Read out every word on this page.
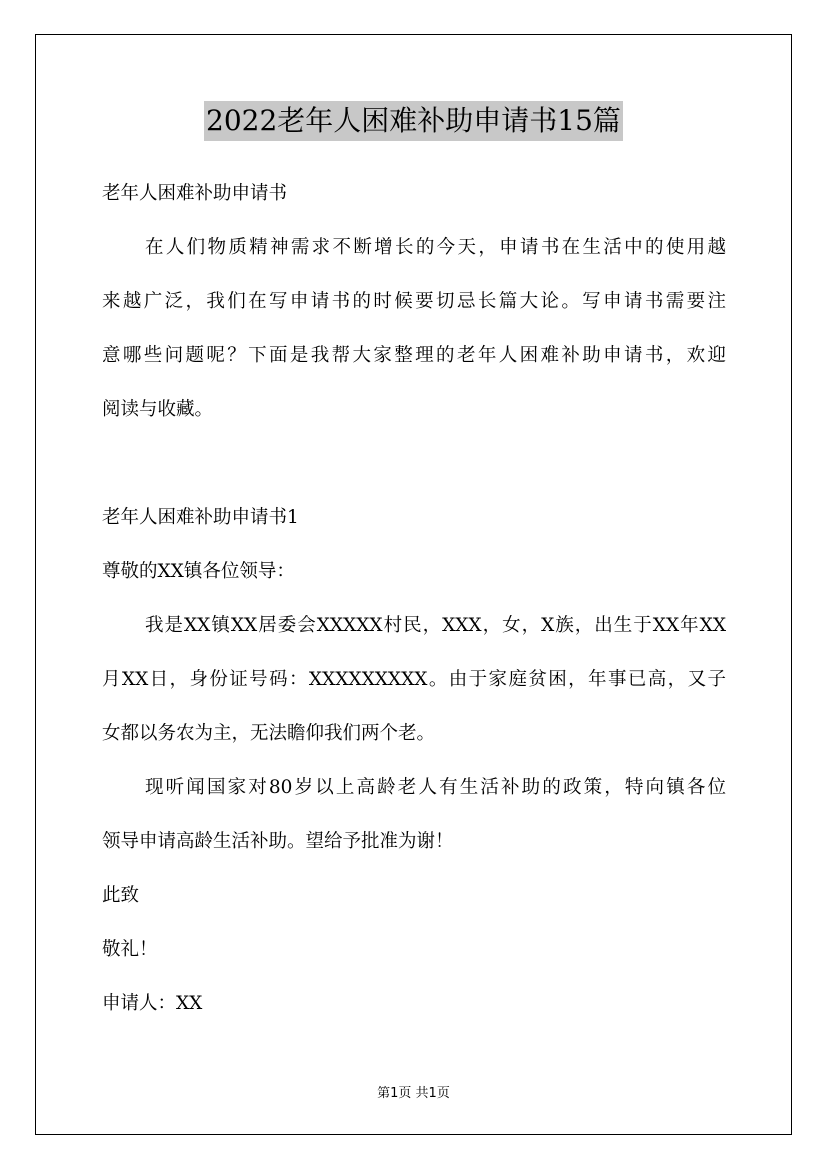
2022老年人困难补助申请书15篇
老年人困难补助申请书
在人们物质精神需求不断增长的今天，申请书在生活中的使用越
来越广泛，我们在写申请书的时候要切忌长篇大论。写申请书需要注
意哪些问题呢？下面是我帮大家整理的老年人困难补助申请书，欢迎
阅读与收藏。
老年人困难补助申请书1
尊敬的XX镇各位领导：
我是XX镇XX居委会XXXXX村民，XXX，女，X族，出生于XX年XX
月XX日，身份证号码：XXXXXXXXX。由于家庭贫困，年事已高，又子
女都以务农为主，无法瞻仰我们两个老。
现听闻国家对80岁以上高龄老人有生活补助的政策，特向镇各位
领导申请高龄生活补助。望给予批准为谢！
此致
敬礼！
申请人：XX
第1页 共1页
